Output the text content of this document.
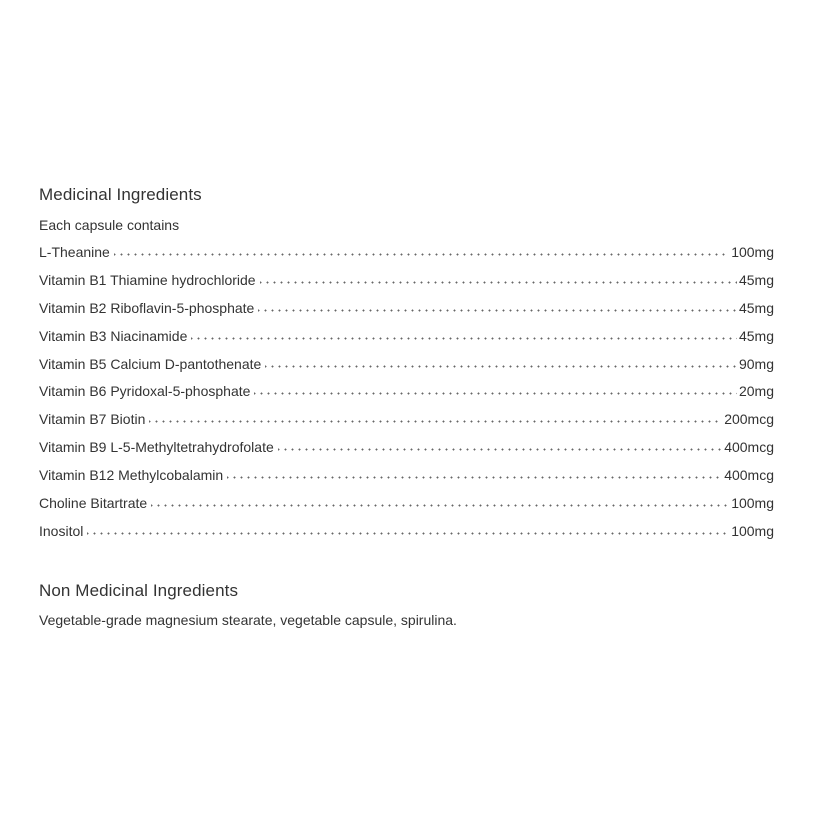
Medicinal Ingredients
Each capsule contains
L-Theanine	100mg
Vitamin B1 Thiamine hydrochloride	45mg
Vitamin B2 Riboflavin-5-phosphate	45mg
Vitamin B3 Niacinamide	45mg
Vitamin B5 Calcium D-pantothenate	90mg
Vitamin B6 Pyridoxal-5-phosphate	20mg
Vitamin B7 Biotin	200mcg
Vitamin B9 L-5-Methyltetrahydrofolate	400mcg
Vitamin B12 Methylcobalamin	400mcg
Choline Bitartrate	100mg
Inositol	100mg
Non Medicinal Ingredients
Vegetable-grade magnesium stearate, vegetable capsule, spirulina.
